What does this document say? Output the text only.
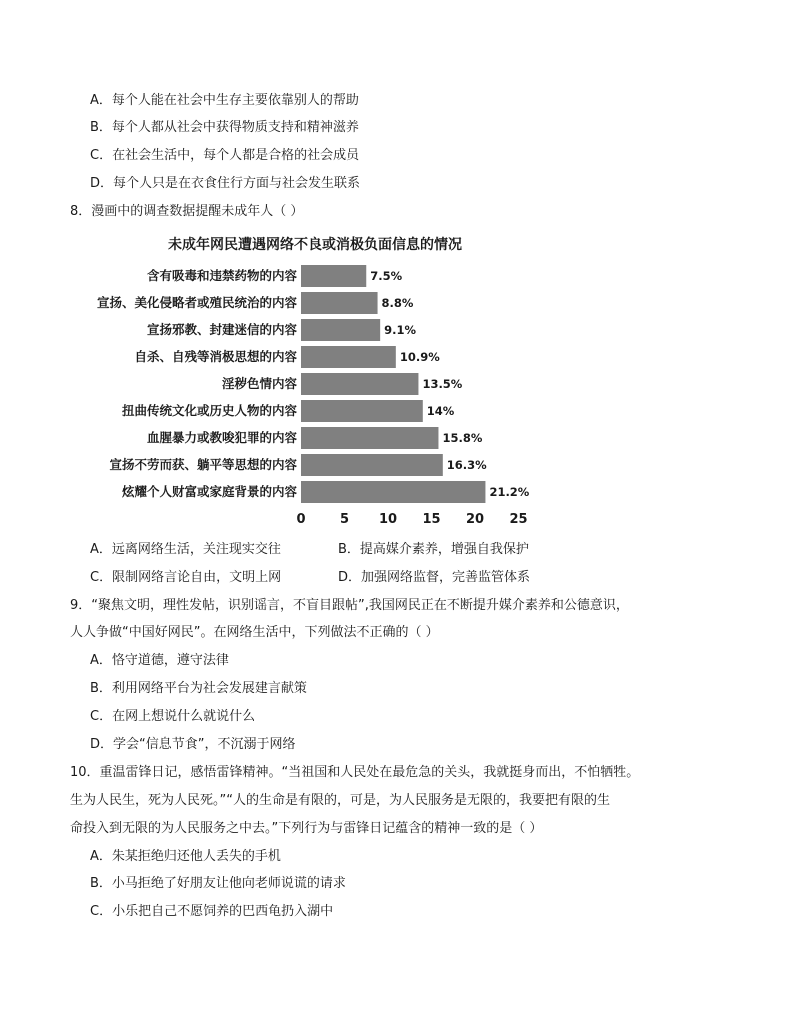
A．每个人能在社会中生存主要依靠别人的帮助
B．每个人都从社会中获得物质支持和精神滋养
C．在社会生活中，每个人都是合格的社会成员
D．每个人只是在衣食住行方面与社会发生联系
8．漫画中的调查数据提醒未成年人（ ）
未成年网民遭遇网络不良或消极负面信息的情况
含有吸毒和违禁药物的内容	7.5%
宣扬、美化侵略者或殖民统治的内容	8.8%
宣扬邪教、封建迷信的内容	9.1%
自杀、自残等消极思想的内容	10.9%
淫秽色情内容	13.5%
扭曲传统文化或历史人物的内容	14%
血腥暴力或教唆犯罪的内容	15.8%
宣扬不劳而获、躺平等思想的内容	16.3%
炫耀个人财富或家庭背景的内容	21.2%
0	5 10 15 20 25
A．远离网络生活，关注现实交往	B．提高媒介素养，增强自我保护
C．限制网络言论自由，文明上网	D．加强网络监督，完善监管体系
9．“聚焦文明，理性发帖，识别谣言，不盲目跟帖”,我国网民正在不断提升媒介素养和公德意识，
人人争做“中国好网民”。在网络生活中，下列做法不正确的（ ）
A．恪守道德，遵守法律
B．利用网络平台为社会发展建言献策
C．在网上想说什么就说什么
D．学会“信息节食”，不沉溺于网络
10．重温雷锋日记，感悟雷锋精神。“当祖国和人民处在最危急的关头，我就挺身而出，不怕牺牲。
生为人民生，死为人民死。”“人的生命是有限的，可是，为人民服务是无限的，我要把有限的生
命投入到无限的为人民服务之中去。”下列行为与雷锋日记蕴含的精神一致的是（ ）
A．朱某拒绝归还他人丢失的手机
B．小马拒绝了好朋友让他向老师说谎的请求
C．小乐把自己不愿饲养的巴西龟扔入湖中
